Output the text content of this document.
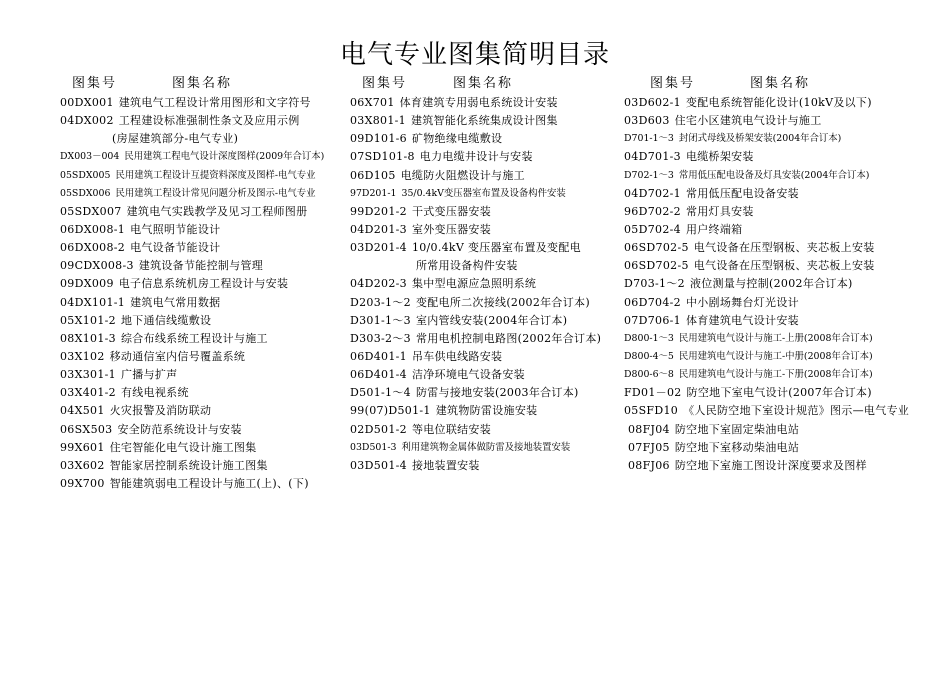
电气专业图集简明目录
图集号	图集名称
00DX001 建筑电气工程设计常用图形和文字符号
04DX002 工程建设标准强制性条文及应用示例
(房屋建筑部分-电气专业)
DX003－004 民用建筑工程电气设计深度图样(2009年合订本)
05SDX005 民用建筑工程设计互提资料深度及图样-电气专业
05SDX006 民用建筑工程设计常见问题分析及图示-电气专业
05SDX007 建筑电气实践教学及见习工程师图册
06DX008-1 电气照明节能设计
06DX008-2 电气设备节能设计
09CDX008-3 建筑设备节能控制与管理
09DX009 电子信息系统机房工程设计与安装
04DX101-1 建筑电气常用数据
05X101-2 地下通信线缆敷设
08X101-3 综合布线系统工程设计与施工
03X102 移动通信室内信号覆盖系统
03X301-1 广播与扩声
03X401-2 有线电视系统
04X501 火灾报警及消防联动
06SX503 安全防范系统设计与安装
99X601 住宅智能化电气设计施工图集
03X602 智能家居控制系统设计施工图集
09X700 智能建筑弱电工程设计与施工(上)、(下)
图集号	图集名称
06X701 体育建筑专用弱电系统设计安装
03X801-1 建筑智能化系统集成设计图集
09D101-6 矿物绝缘电缆敷设
07SD101-8 电力电缆井设计与安装
06D105 电缆防火阻燃设计与施工
97D201-1 35/0.4kV变压器室布置及设备构件安装
99D201-2 干式变压器安装
04D201-3 室外变压器安装
03D201-4 10/0.4kV 变压器室布置及变配电
所常用设备构件安装
04D202-3 集中型电源应急照明系统
D203-1～2 变配电所二次接线(2002年合订本)
D301-1～3 室内管线安装(2004年合订本)
D303-2～3 常用电机控制电路图(2002年合订本)
06D401-1 吊车供电线路安装
06D401-4 洁净环境电气设备安装
D501-1～4 防雷与接地安装(2003年合订本)
99(07)D501-1 建筑物防雷设施安装
02D501-2 等电位联结安装
03D501-3 利用建筑物金属体做防雷及接地装置安装
03D501-4 接地装置安装
图集号	图集名称
03D602-1 变配电系统智能化设计(10kV及以下)
03D603 住宅小区建筑电气设计与施工
D701-1～3 封闭式母线及桥架安装(2004年合订本)
04D701-3 电缆桥架安装
D702-1～3 常用低压配电设备及灯具安装(2004年合订本)
04D702-1 常用低压配电设备安装
96D702-2 常用灯具安装
05D702-4 用户终端箱
06SD702-5 电气设备在压型钢板、夹芯板上安装
06SD702-5 电气设备在压型钢板、夹芯板上安装
D703-1～2 液位测量与控制(2002年合订本)
06D704-2 中小剧场舞台灯光设计
07D706-1 体育建筑电气设计安装
D800-1～3 民用建筑电气设计与施工-上册(2008年合订本)
D800-4～5 民用建筑电气设计与施工-中册(2008年合订本)
D800-6～8 民用建筑电气设计与施工-下册(2008年合订本)
FD01－02 防空地下室电气设计(2007年合订本)
05SFD10 《人民防空地下室设计规范》图示—电气专业
08FJ04 防空地下室固定柴油电站
07FJ05 防空地下室移动柴油电站
08FJ06 防空地下室施工图设计深度要求及图样
